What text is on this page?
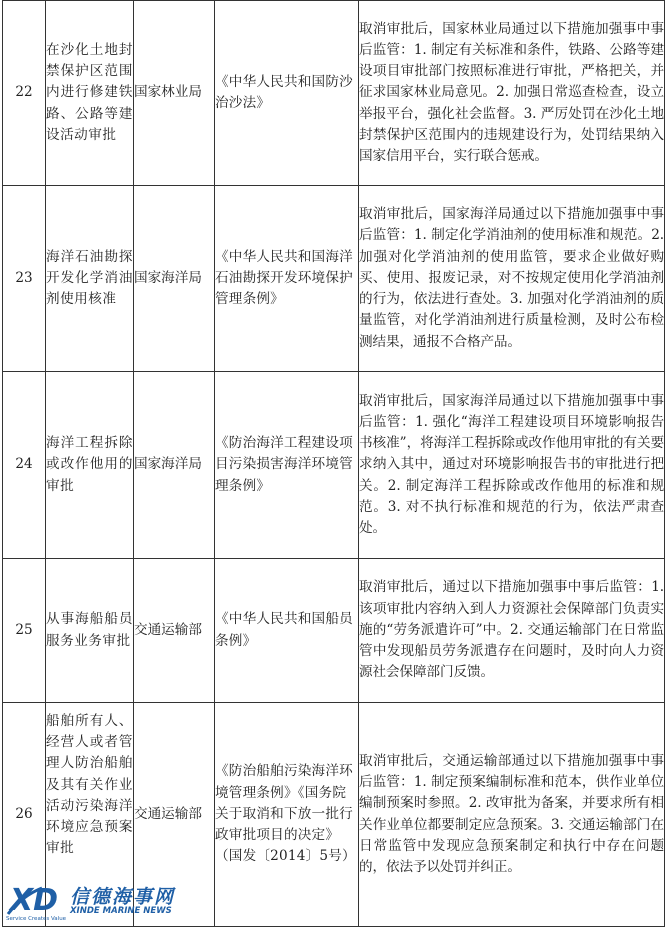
22	在沙化土地封禁保护区范围内进行修建铁路、公路等建设活动审批	国家林业局	《中华人民共和国防沙治沙法》	取消审批后，国家林业局通过以下措施加强事中事后监管：1. 制定有关标准和条件，铁路、公路等建设项目审批部门按照标准进行审批，严格把关，并征求国家林业局意见。2. 加强日常巡查检查，设立举报平台，强化社会监督。3. 严厉处罚在沙化土地封禁保护区范围内的违规建设行为，处罚结果纳入国家信用平台，实行联合惩戒。

23	海洋石油勘探开发化学消油剂使用核准	国家海洋局	《中华人民共和国海洋石油勘探开发环境保护管理条例》	取消审批后，国家海洋局通过以下措施加强事中事后监管：1. 制定化学消油剂的使用标准和规范。2. 加强对化学消油剂的使用监管，要求企业做好购买、使用、报废记录，对不按规定使用化学消油剂的行为，依法进行查处。3. 加强对化学消油剂的质量监管，对化学消油剂进行质量检测，及时公布检测结果，通报不合格产品。

24	海洋工程拆除或改作他用的审批	国家海洋局	《防治海洋工程建设项目污染损害海洋环境管理条例》	取消审批后，国家海洋局通过以下措施加强事中事后监管：1. 强化“海洋工程建设项目环境影响报告书核准”，将海洋工程拆除或改作他用审批的有关要求纳入其中，通过对环境影响报告书的审批进行把关。2. 制定海洋工程拆除或改作他用的标准和规范。3. 对不执行标准和规范的行为，依法严肃查处。

25	从事海船船员服务业务审批	交通运输部	《中华人民共和国船员条例》	取消审批后，通过以下措施加强事中事后监管：1. 该项审批内容纳入到人力资源社会保障部门负责实施的“劳务派遣许可”中。2. 交通运输部门在日常监管中发现船员劳务派遣存在问题时，及时向人力资源社会保障部门反馈。

26	船舶所有人、经营人或者管理人防治船舶及其有关作业活动污染海洋环境应急预案审批	交通运输部	《防治船舶污染海洋环境管理条例》《国务院关于取消和下放一批行政审批项目的决定》（国发〔2014〕5号）	取消审批后，交通运输部通过以下措施加强事中事后监管：1. 制定预案编制标准和范本，供作业单位编制预案时参照。2. 改审批为备案，并要求所有相关作业单位都要制定应急预案。3. 交通运输部门在日常监管中发现应急预案制定和执行中存在问题的，依法予以处罚并纠正。
XD 信德海事网
XINDE MARINE NEWS
Service Creates Value
